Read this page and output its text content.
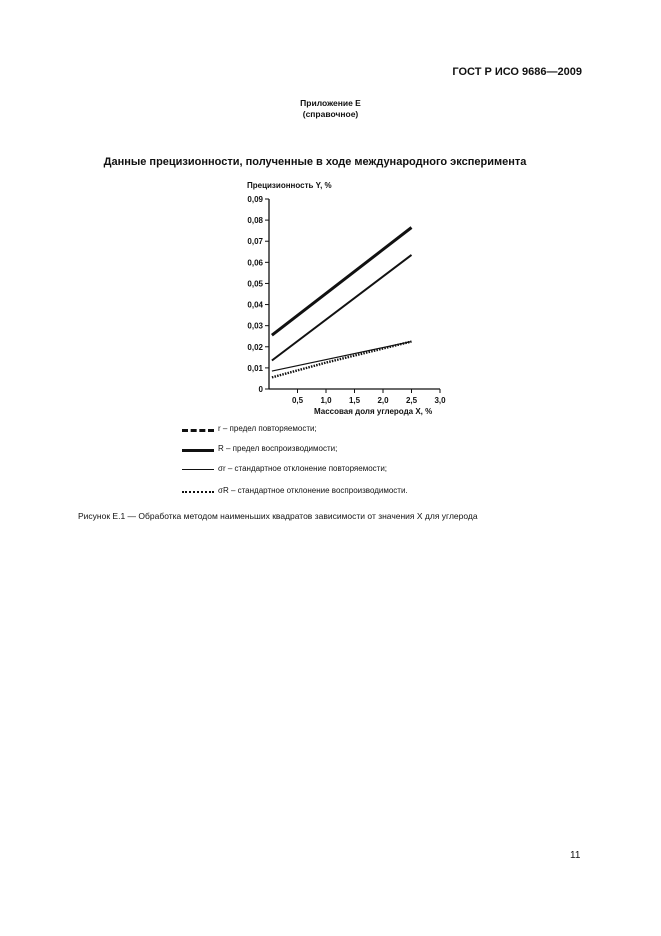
ГОСТ Р ИСО 9686—2009
Приложение Е
(справочное)
Данные прецизионности, полученные в ходе международного эксперимента
0
0,01
0,02
0,03
0,04
0,05
0,06
0,07
0,08
0,09
0,5 1,0 1,5 2,0 2,5 3,0
Прецизионность Y, %
Массовая доля углерода X, %
r – предел повторяемости;
R – предел воспроизводимости;
σr – стандартное отклонение повторяемости;
σR – стандартное отклонение воспроизводимости.
Рисунок Е.1 — Обработка методом наименьших квадратов зависимости от значения X для углерода
11
